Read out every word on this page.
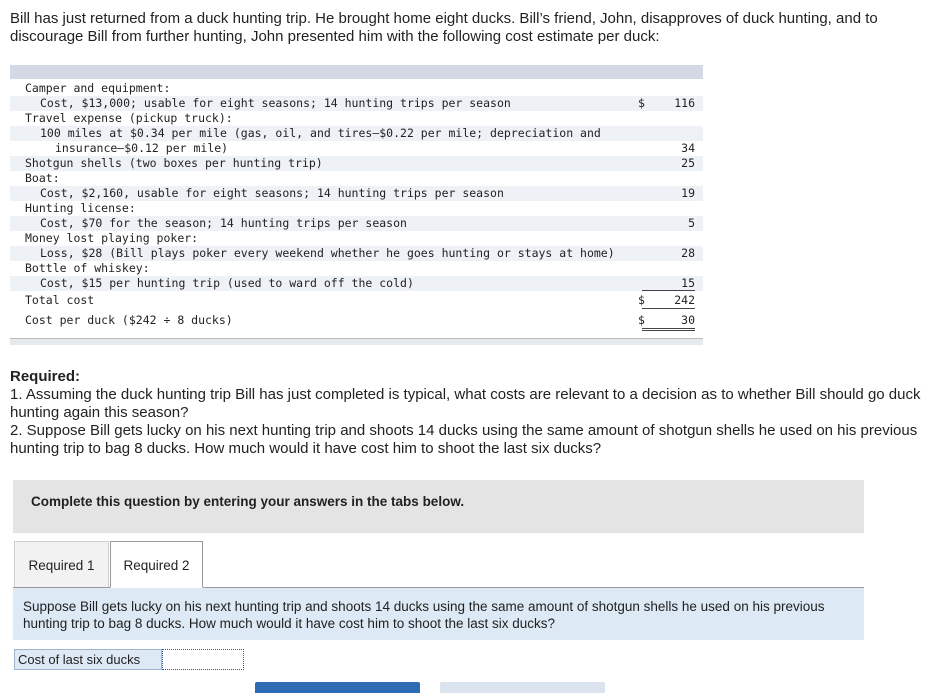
Bill has just returned from a duck hunting trip. He brought home eight ducks. Bill’s friend, John, disapproves of duck hunting, and to discourage Bill from further hunting, John presented him with the following cost estimate per duck:
Camper and equipment:
Cost, $13,000; usable for eight seasons; 14 hunting trips per season	$	116
Travel expense (pickup truck):
100 miles at $0.34 per mile (gas, oil, and tires—$0.22 per mile; depreciation and
insurance—$0.12 per mile)	34
Shotgun shells (two boxes per hunting trip)	25
Boat:
Cost, $2,160, usable for eight seasons; 14 hunting trips per season	19
Hunting license:
Cost, $70 for the season; 14 hunting trips per season	5
Money lost playing poker:
Loss, $28 (Bill plays poker every weekend whether he goes hunting or stays at home)	28
Bottle of whiskey:
Cost, $15 per hunting trip (used to ward off the cold)	15
Total cost	$	242
Cost per duck ($242 ÷ 8 ducks)	$	30
Required:
1. Assuming the duck hunting trip Bill has just completed is typical, what costs are relevant to a decision as to whether Bill should go duck hunting again this season?
2. Suppose Bill gets lucky on his next hunting trip and shoots 14 ducks using the same amount of shotgun shells he used on his previous hunting trip to bag 8 ducks. How much would it have cost him to shoot the last six ducks?
Complete this question by entering your answers in the tabs below.
Required 1	Required 2
Suppose Bill gets lucky on his next hunting trip and shoots 14 ducks using the same amount of shotgun shells he used on his previous hunting trip to bag 8 ducks. How much would it have cost him to shoot the last six ducks?
Cost of last six ducks
